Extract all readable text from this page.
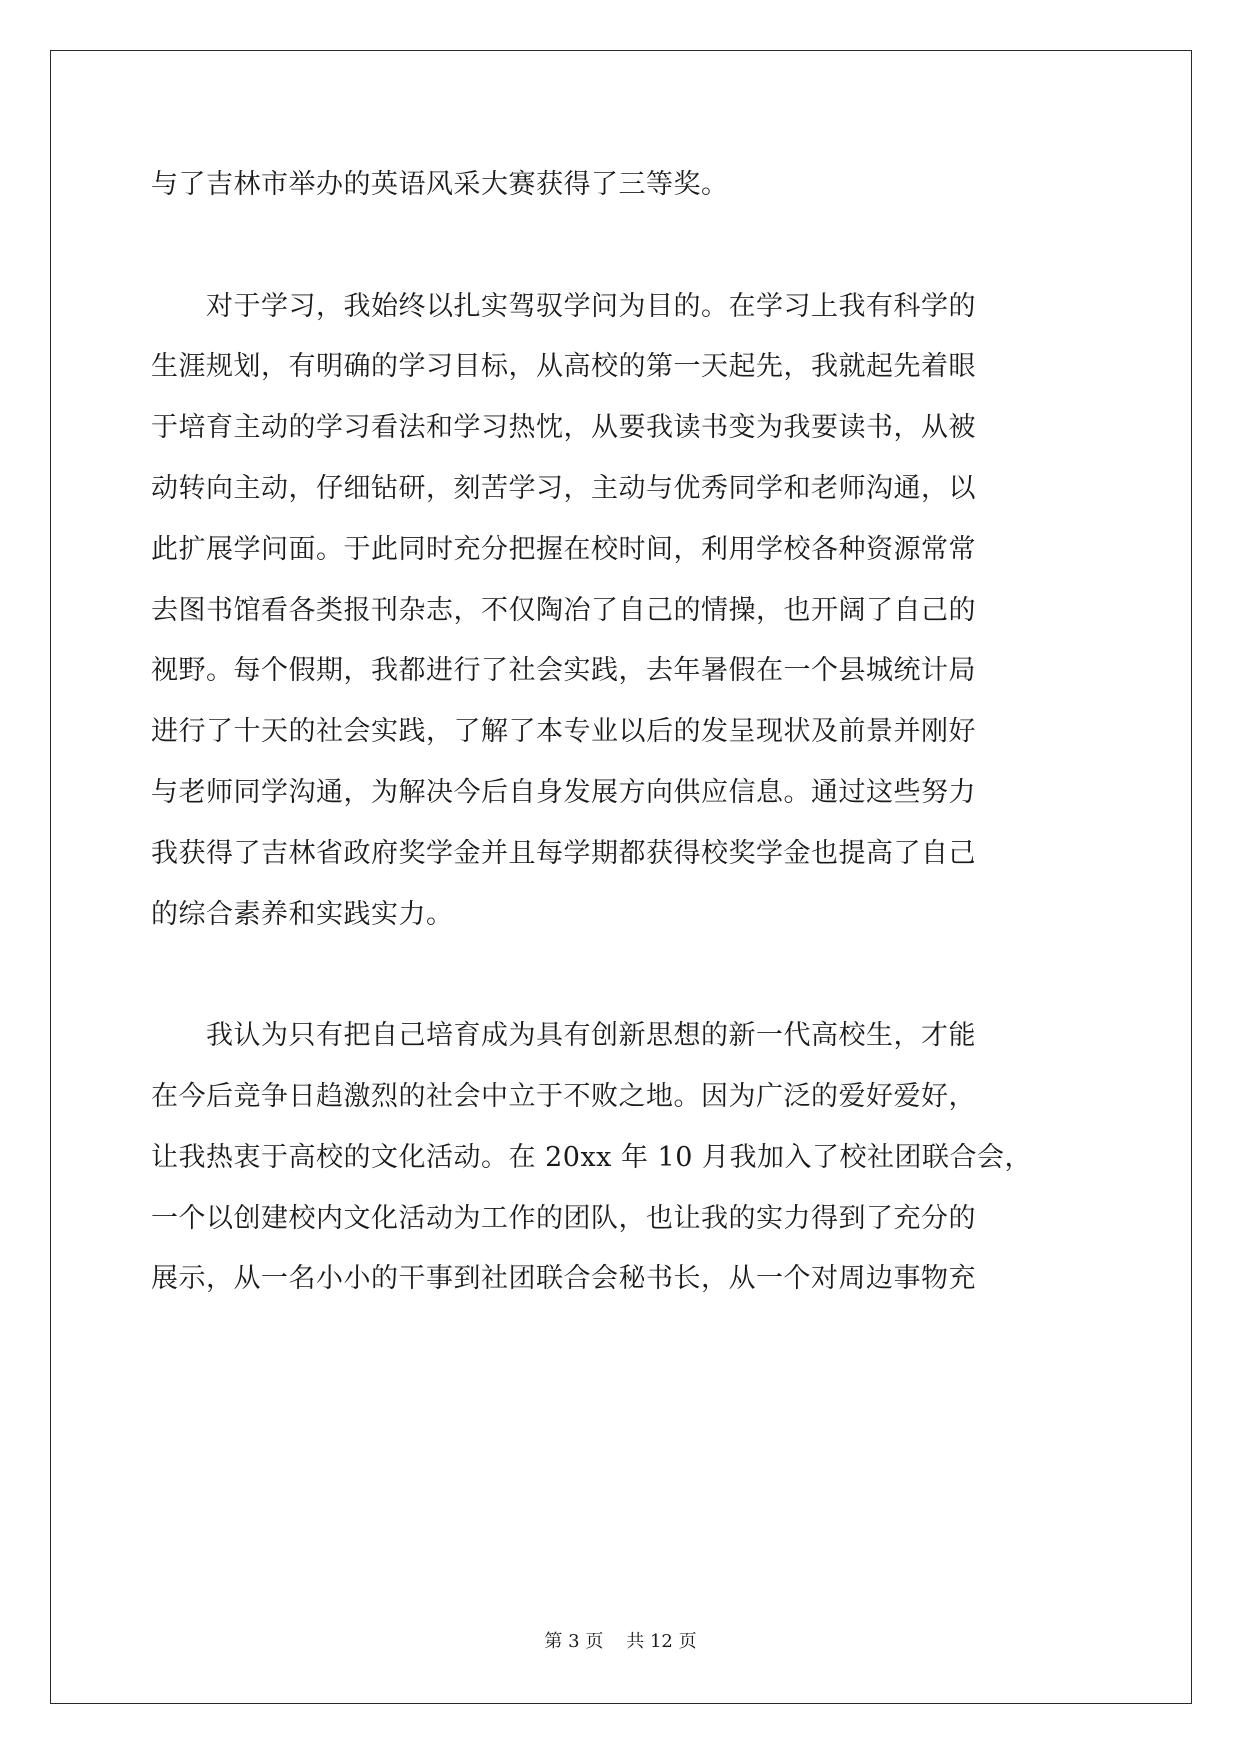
与了吉林市举办的英语风采大赛获得了三等奖。
　　对于学习，我始终以扎实驾驭学问为目的。在学习上我有科学的
生涯规划，有明确的学习目标，从高校的第一天起先，我就起先着眼
于培育主动的学习看法和学习热忱，从要我读书变为我要读书，从被
动转向主动，仔细钻研，刻苦学习，主动与优秀同学和老师沟通，以
此扩展学问面。于此同时充分把握在校时间，利用学校各种资源常常
去图书馆看各类报刊杂志，不仅陶冶了自己的情操，也开阔了自己的
视野。每个假期，我都进行了社会实践，去年暑假在一个县城统计局
进行了十天的社会实践，了解了本专业以后的发呈现状及前景并刚好
与老师同学沟通，为解决今后自身发展方向供应信息。通过这些努力
我获得了吉林省政府奖学金并且每学期都获得校奖学金也提高了自己
的综合素养和实践实力。
　　我认为只有把自己培育成为具有创新思想的新一代高校生，才能
在今后竞争日趋激烈的社会中立于不败之地。因为广泛的爱好爱好，
让我热衷于高校的文化活动。在 20xx 年 10 月我加入了校社团联合会，
一个以创建校内文化活动为工作的团队，也让我的实力得到了充分的
展示，从一名小小的干事到社团联合会秘书长，从一个对周边事物充
第 3 页 共 12 页
